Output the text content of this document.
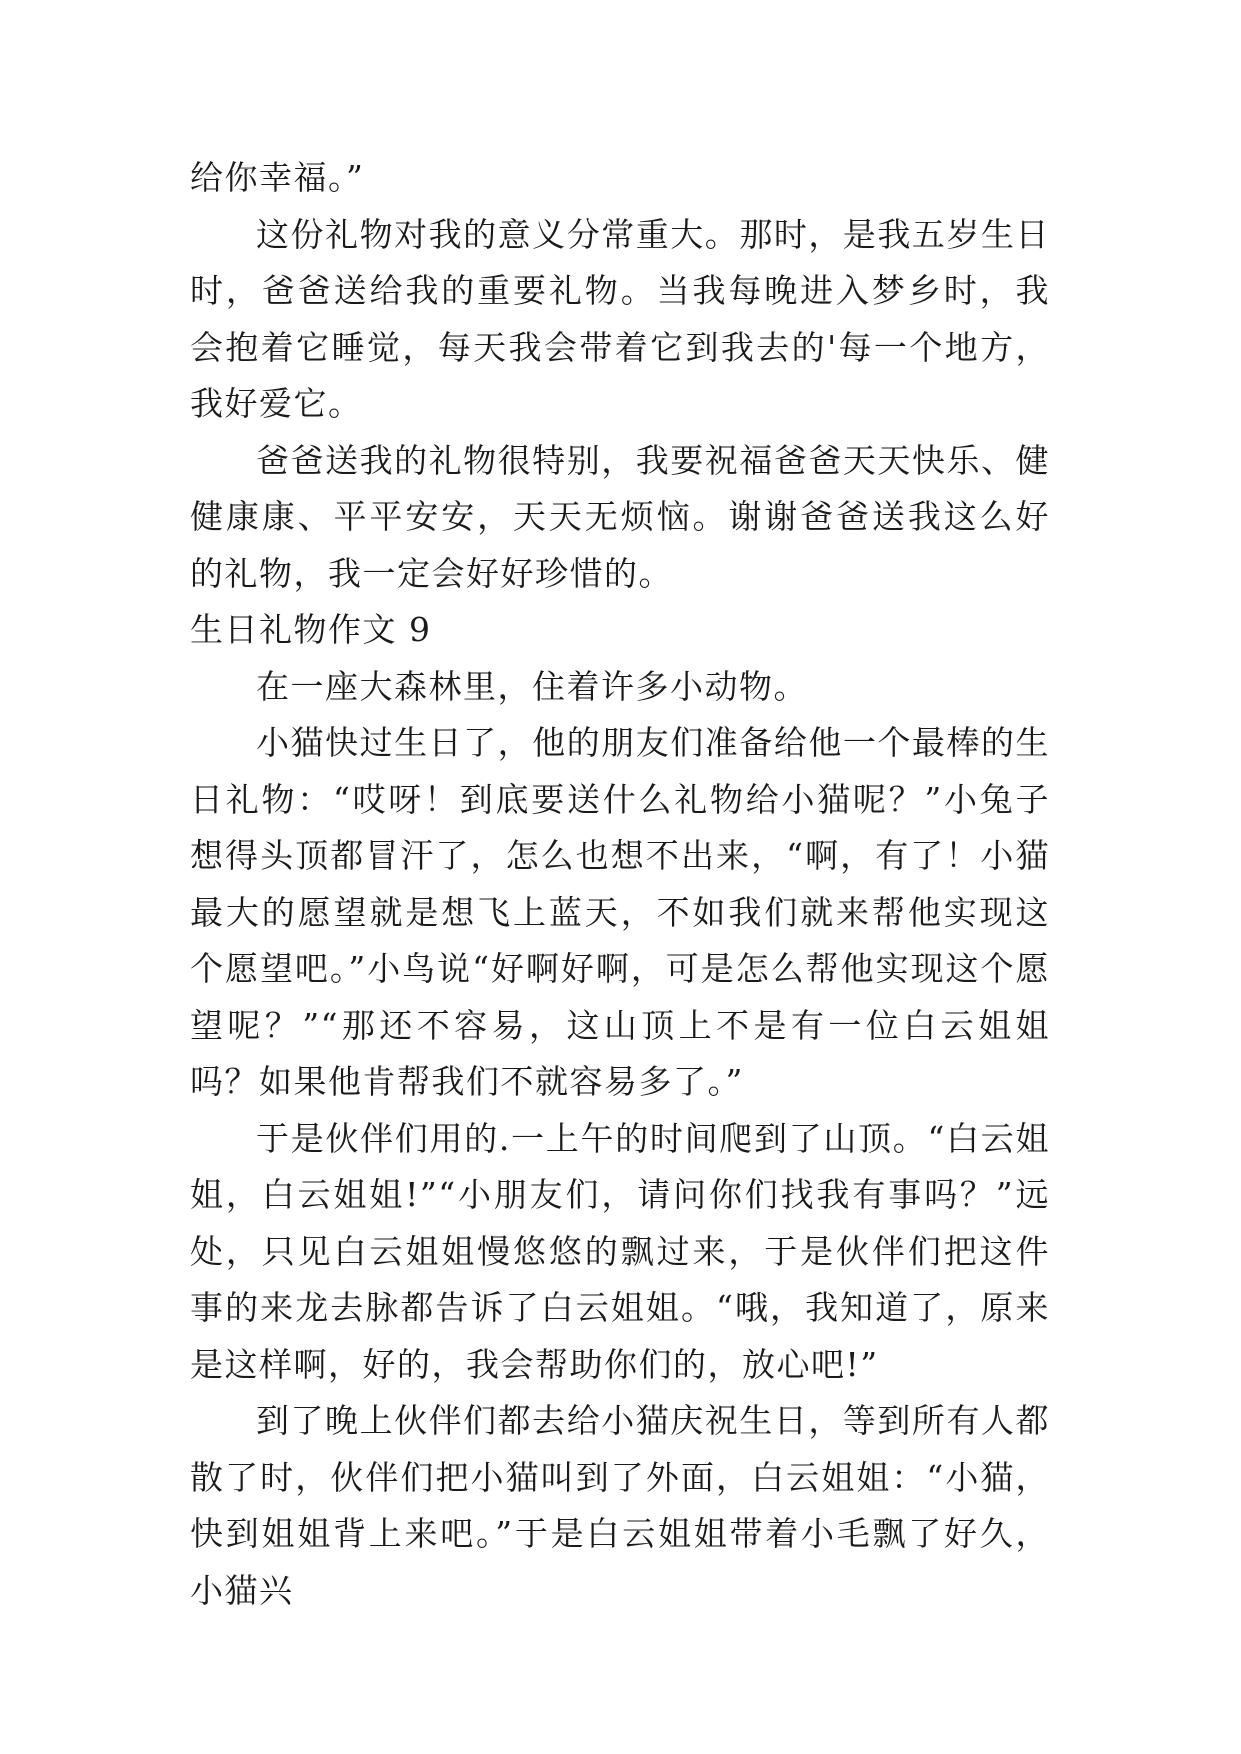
给你幸福。”

这份礼物对我的意义分常重大。那时，是我五岁生日时，爸爸送给我的重要礼物。当我每晚进入梦乡时，我会抱着它睡觉，每天我会带着它到我去的'每一个地方，我好爱它。

爸爸送我的礼物很特别，我要祝福爸爸天天快乐、健健康康、平平安安，天天无烦恼。谢谢爸爸送我这么好的礼物，我一定会好好珍惜的。

生日礼物作文 9

在一座大森林里，住着许多小动物。

小猫快过生日了，他的朋友们准备给他一个最棒的生日礼物：“哎呀！到底要送什么礼物给小猫呢？”小兔子想得头顶都冒汗了，怎么也想不出来，“啊，有了！小猫最大的愿望就是想飞上蓝天，不如我们就来帮他实现这个愿望吧。”小鸟说“好啊好啊，可是怎么帮他实现这个愿望呢？”“那还不容易，这山顶上不是有一位白云姐姐吗？如果他肯帮我们不就容易多了。”

于是伙伴们用的.一上午的时间爬到了山顶。“白云姐姐，白云姐姐!”“小朋友们，请问你们找我有事吗？”远处，只见白云姐姐慢悠悠的飘过来，于是伙伴们把这件事的来龙去脉都告诉了白云姐姐。“哦，我知道了，原来是这样啊，好的，我会帮助你们的，放心吧!”

到了晚上伙伴们都去给小猫庆祝生日，等到所有人都散了时，伙伴们把小猫叫到了外面，白云姐姐：“小猫，快到姐姐背上来吧。”于是白云姐姐带着小毛飘了好久，小猫兴
